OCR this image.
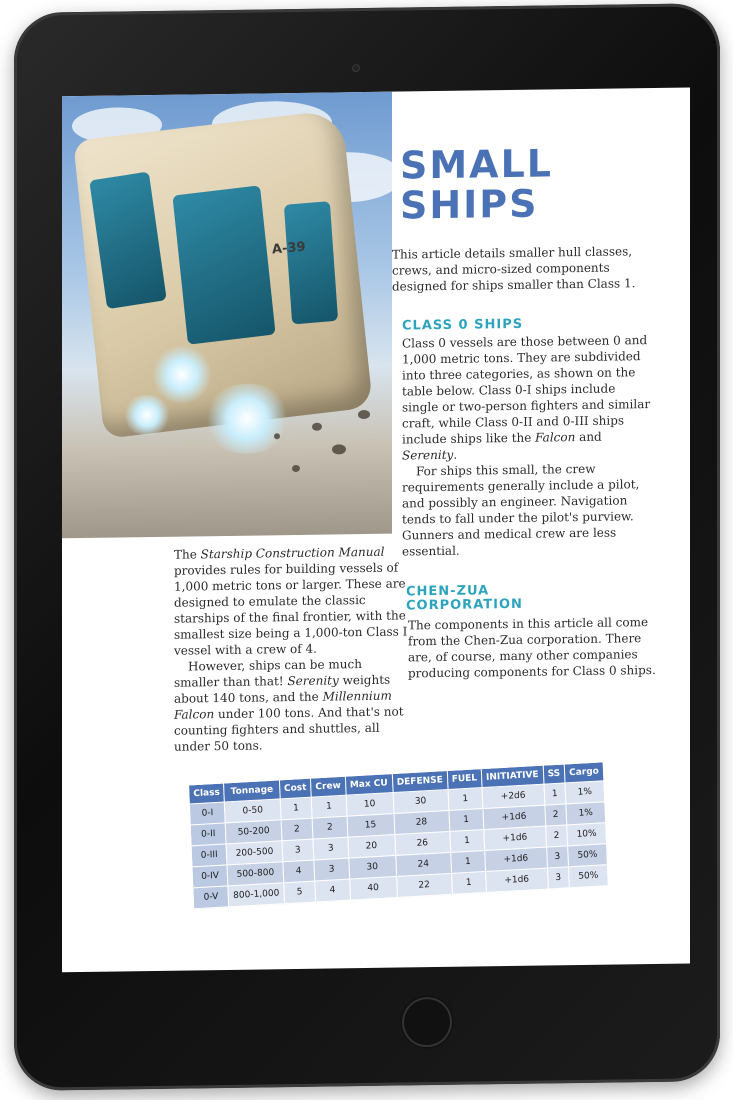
A-39
SMALL
SHIPS

This article details smaller hull classes, crews, and micro-sized components designed for ships smaller than Class 1.

CLASS 0 SHIPS

Class 0 vessels are those between 0 and 1,000 metric tons. They are subdivided into three categories, as shown on the table below. Class 0-I ships include single or two-person fighters and similar craft, while Class 0-II and 0-III ships include ships like the Falcon and Serenity.

For ships this small, the crew requirements generally include a pilot, and possibly an engineer. Navigation tends to fall under the pilot's purview. Gunners and medical crew are less essential.

CHEN-ZUA
CORPORATION

The components in this article all come from the Chen-Zua corporation. There are, of course, many other companies producing components for Class 0 ships.

The Starship Construction Manual provides rules for building vessels of 1,000 metric tons or larger. These are designed to emulate the classic starships of the final frontier, with the smallest size being a 1,000-ton Class I vessel with a crew of 4.

However, ships can be much smaller than that! Serenity weights about 140 tons, and the Millennium Falcon under 100 tons. And that's not counting fighters and shuttles, all under 50 tons.

Class	Tonnage	Cost	Crew	Max CU	DEFENSE	FUEL	INITIATIVE	SS	Cargo
0-I	0-50	1	1	10	30	1	+2d6	1	1%
0-II	50-200	2	2	15	28	1	+1d6	2	1%
0-III	200-500	3	3	20	26	1	+1d6	2	10%
0-IV	500-800	4	3	30	24	1	+1d6	3	50%
0-V	800-1,000	5	4	40	22	1	+1d6	3	50%
